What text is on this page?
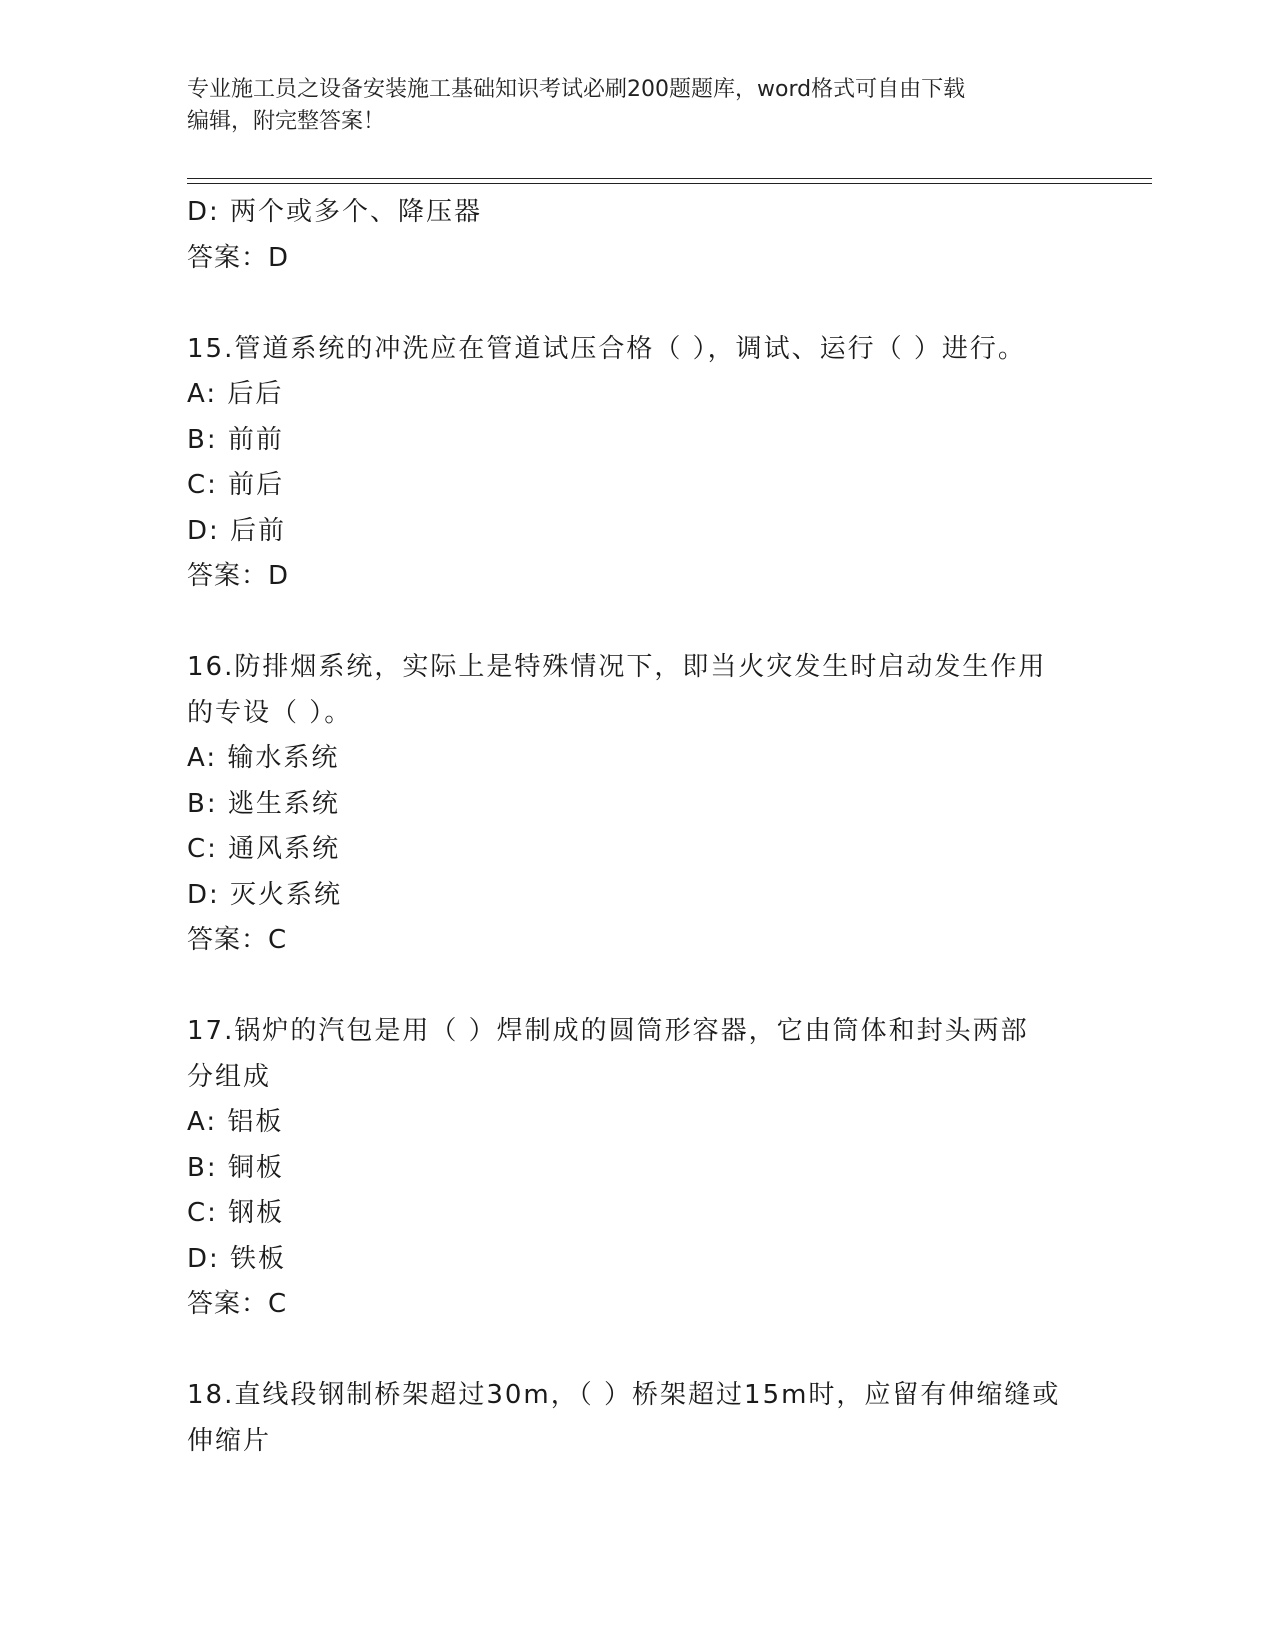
专业施工员之设备安装施工基础知识考试必刷200题题库，word格式可自由下载
编辑，附完整答案！
D: 两个或多个、降压器
答案：D
15.管道系统的冲洗应在管道试压合格（ ），调试、运行（ ）进行。
A: 后后
B: 前前
C: 前后
D: 后前
答案：D
16.防排烟系统，实际上是特殊情况下，即当火灾发生时启动发生作用
的专设（ ）。
A: 输水系统
B: 逃生系统
C: 通风系统
D: 灭火系统
答案：C
17.锅炉的汽包是用（ ）焊制成的圆筒形容器，它由筒体和封头两部
分组成
A: 铝板
B: 铜板
C: 钢板
D: 铁板
答案：C
18.直线段钢制桥架超过30m，（ ）桥架超过15m时，应留有伸缩缝或
伸缩片
